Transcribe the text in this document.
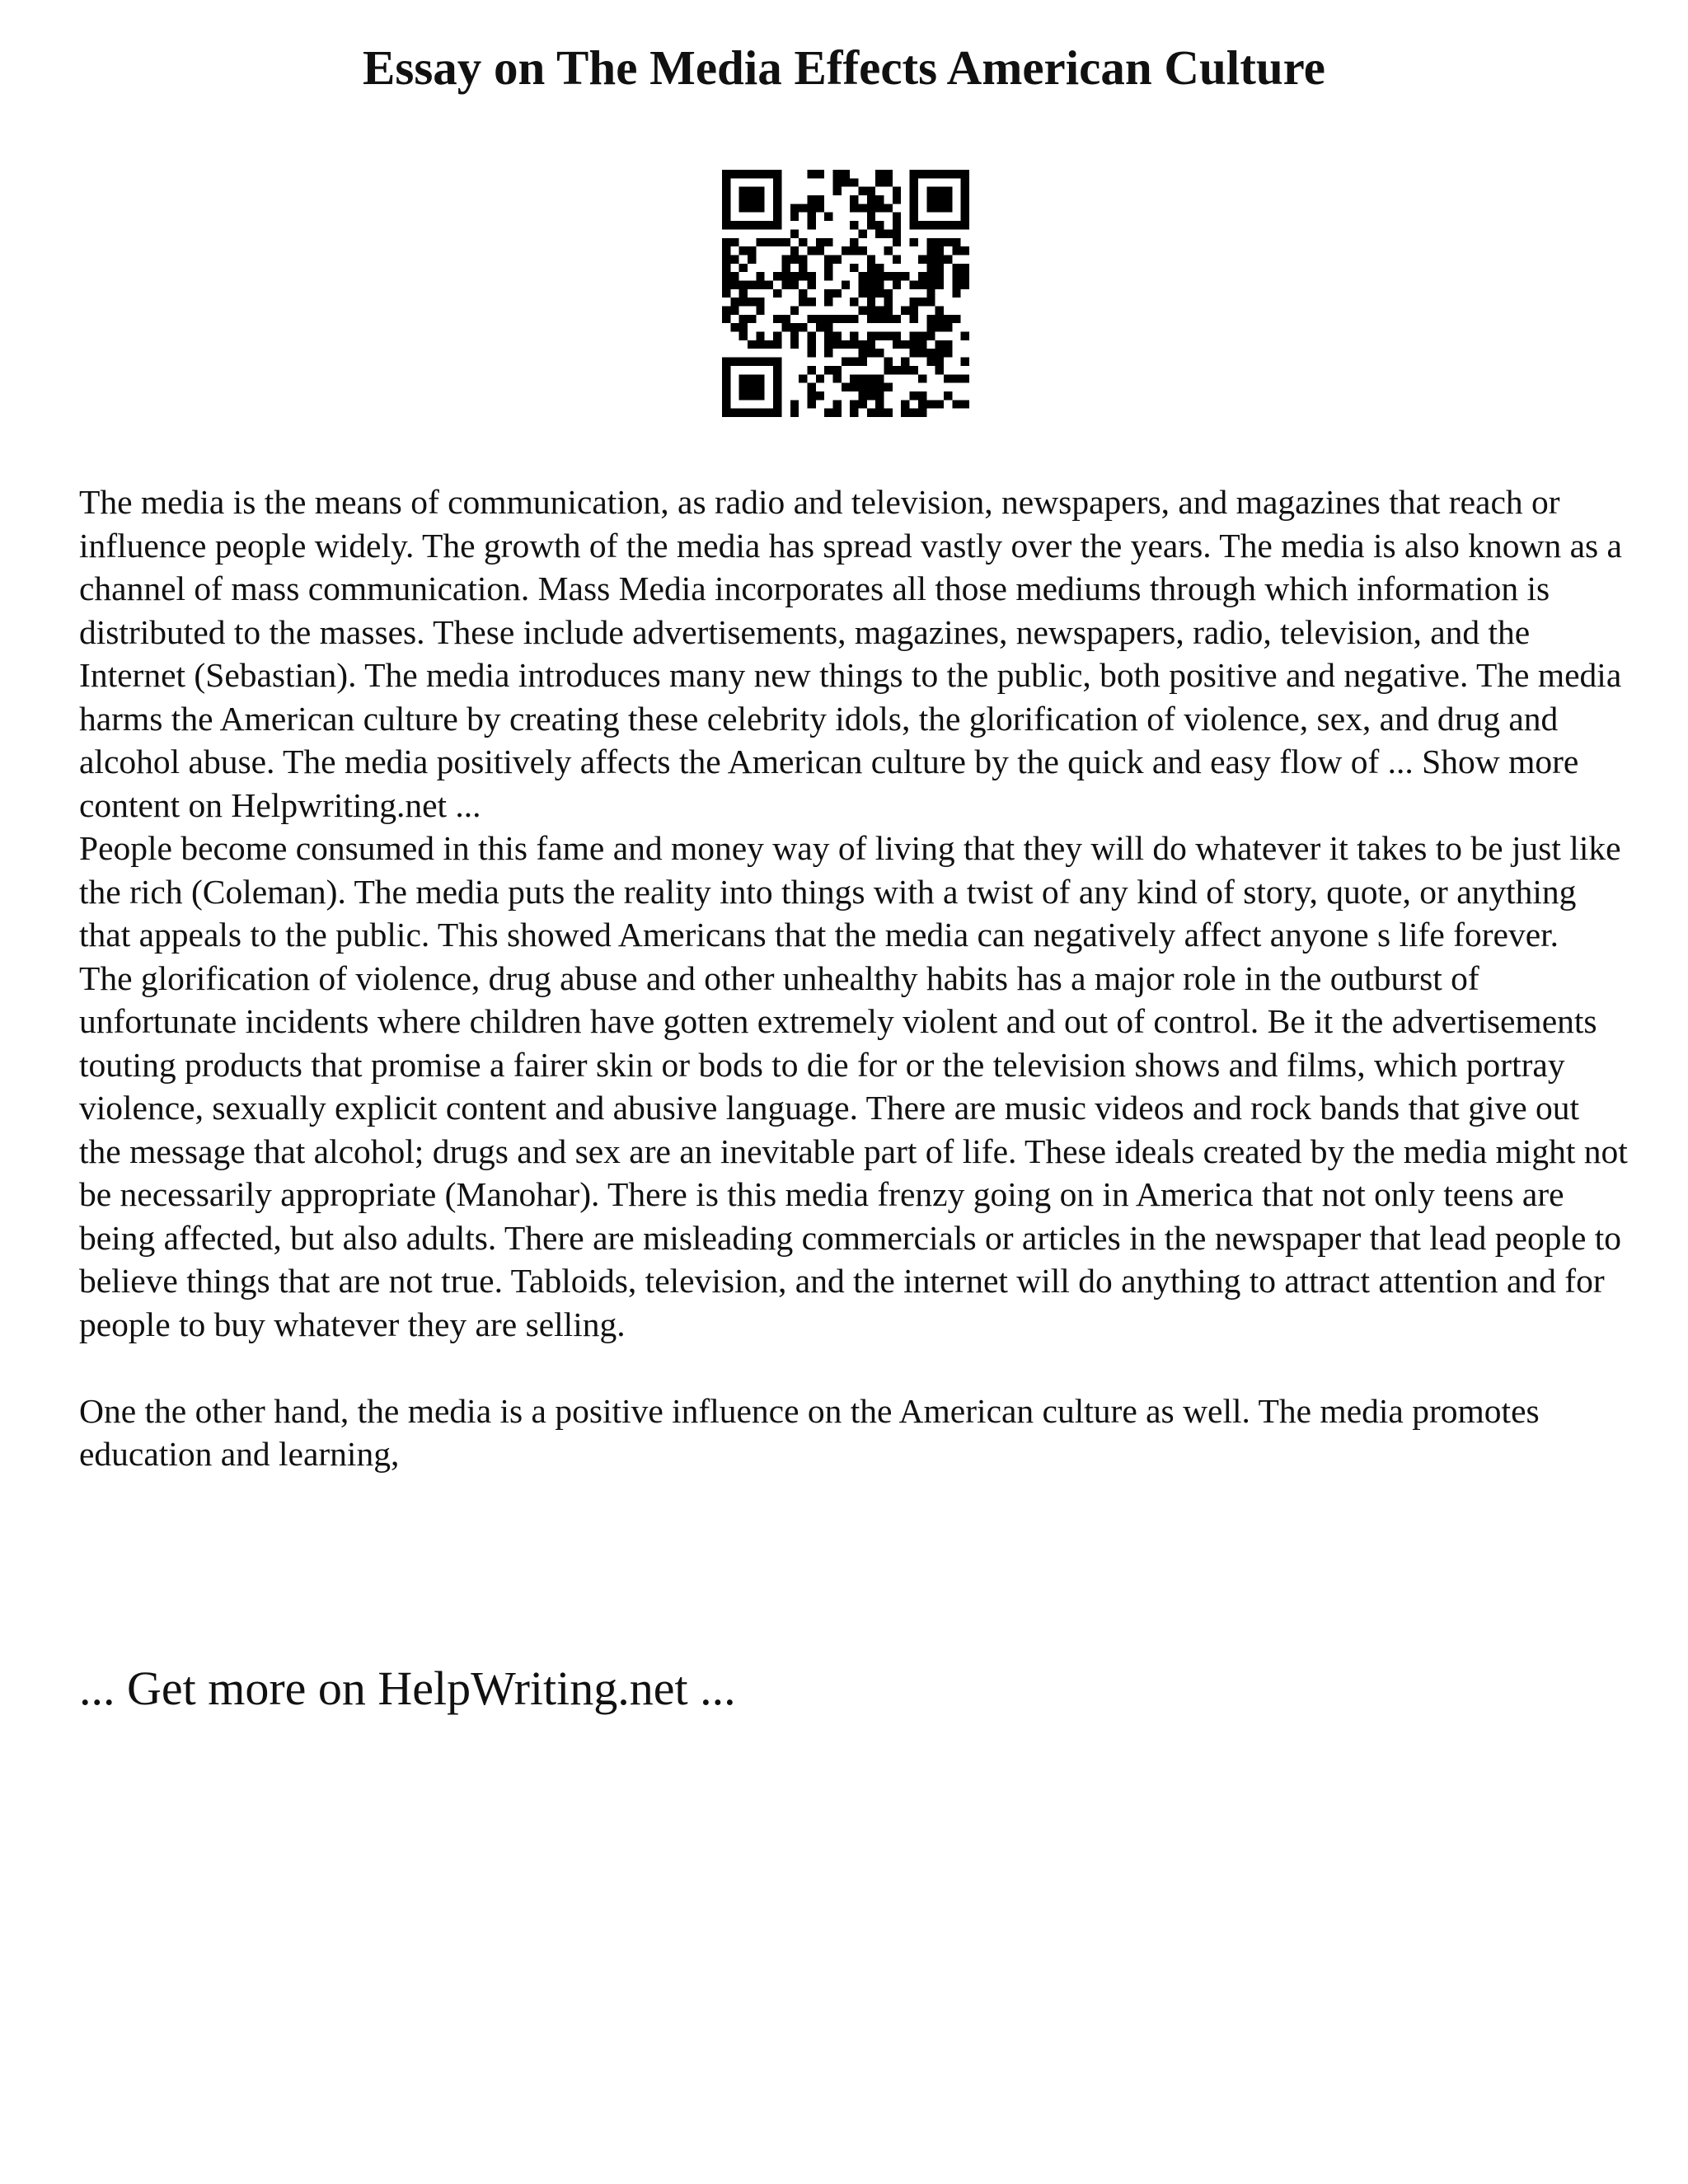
Essay on The Media Effects American Culture

The media is the means of communication, as radio and television, newspapers, and magazines that reach or influence people widely. The growth of the media has spread vastly over the years. The media is also known as a channel of mass communication. Mass Media incorporates all those mediums through which information is distributed to the masses. These include advertisements, magazines, newspapers, radio, television, and the Internet (Sebastian). The media introduces many new things to the public, both positive and negative. The media harms the American culture by creating these celebrity idols, the glorification of violence, sex, and drug and alcohol abuse. The media positively affects the American culture by the quick and easy flow of ... Show more content on Helpwriting.net ...

People become consumed in this fame and money way of living that they will do whatever it takes to be just like the rich (Coleman). The media puts the reality into things with a twist of any kind of story, quote, or anything that appeals to the public. This showed Americans that the media can negatively affect anyone s life forever.

The glorification of violence, drug abuse and other unhealthy habits has a major role in the outburst of unfortunate incidents where children have gotten extremely violent and out of control. Be it the advertisements touting products that promise a fairer skin or bods to die for or the television shows and films, which portray violence, sexually explicit content and abusive language. There are music videos and rock bands that give out the message that alcohol; drugs and sex are an inevitable part of life. These ideals created by the media might not be necessarily appropriate (Manohar). There is this media frenzy going on in America that not only teens are being affected, but also adults. There are misleading commercials or articles in the newspaper that lead people to believe things that are not true. Tabloids, television, and the internet will do anything to attract attention and for people to buy whatever they are selling.

One the other hand, the media is a positive influence on the American culture as well. The media promotes education and learning,

... Get more on HelpWriting.net ...
